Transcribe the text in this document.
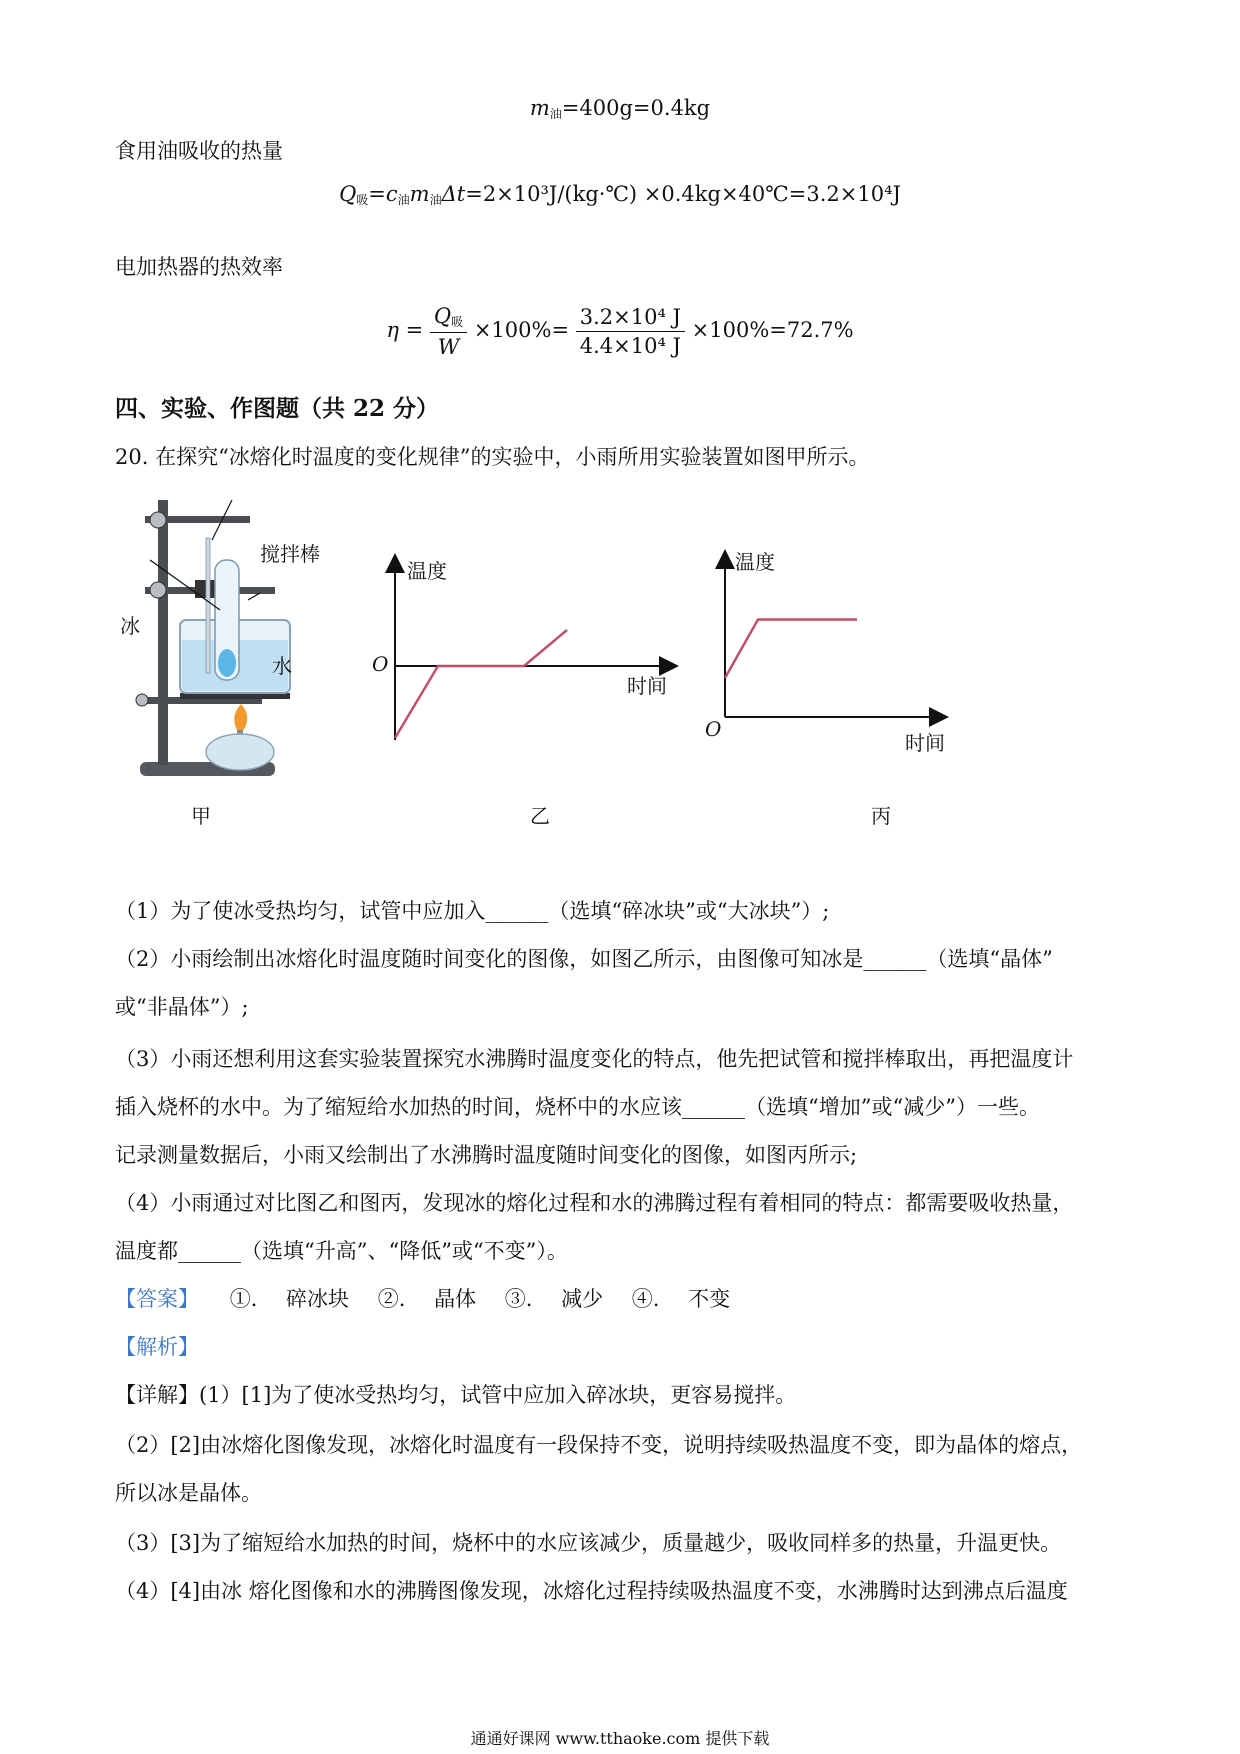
m油=400g=0.4kg
食用油吸收的热量
Q吸=c油m油Δt=2×10³J/(kg·℃) ×0.4kg×40℃=3.2×10⁴J
电加热器的热效率
$\eta = \frac{\text{Q吸}}{W} \times 100\%= \frac{\text{3.2×10⁴ J}}{\text{4.4×10⁴ J}} \times 100\%=72.7\%$
四、实验、作图题（共 22 分）
20. 在探究“冰熔化时温度的变化规律”的实验中，小雨所用实验装置如图甲所示。
搅拌棒
冰
水
甲
温度
O
时间
乙
温度
O
时间
丙
（1）为了使冰受热均匀，试管中应加入______（选填“碎冰块”或“大冰块”）;
（2）小雨绘制出冰熔化时温度随时间变化的图像，如图乙所示，由图像可知冰是______（选填“晶体”
或“非晶体”）;
（3）小雨还想利用这套实验装置探究水沸腾时温度变化的特点，他先把试管和搅拌棒取出，再把温度计
插入烧杯的水中。为了缩短给水加热的时间，烧杯中的水应该______（选填“增加”或“减少”）一些。
记录测量数据后，小雨又绘制出了水沸腾时温度随时间变化的图像，如图丙所示;
（4）小雨通过对比图乙和图丙，发现冰的熔化过程和水的沸腾过程有着相同的特点：都需要吸收热量，
温度都______（选填“升高”、“降低”或“不变”）。
【答案】 ①. 碎冰块 ②. 晶体 ③. 减少 ④. 不变
【解析】
【详解】(1）[1]为了使冰受热均匀，试管中应加入碎冰块，更容易搅拌。
（2）[2]由冰熔化图像发现，冰熔化时温度有一段保持不变，说明持续吸热温度不变，即为晶体的熔点，
所以冰是晶体。
（3）[3]为了缩短给水加热的时间，烧杯中的水应该减少，质量越少，吸收同样多的热量，升温更快。
（4）[4]由冰 熔化图像和水的沸腾图像发现，冰熔化过程持续吸热温度不变，水沸腾时达到沸点后温度
通通好课网 www.tthaoke.com 提供下载
